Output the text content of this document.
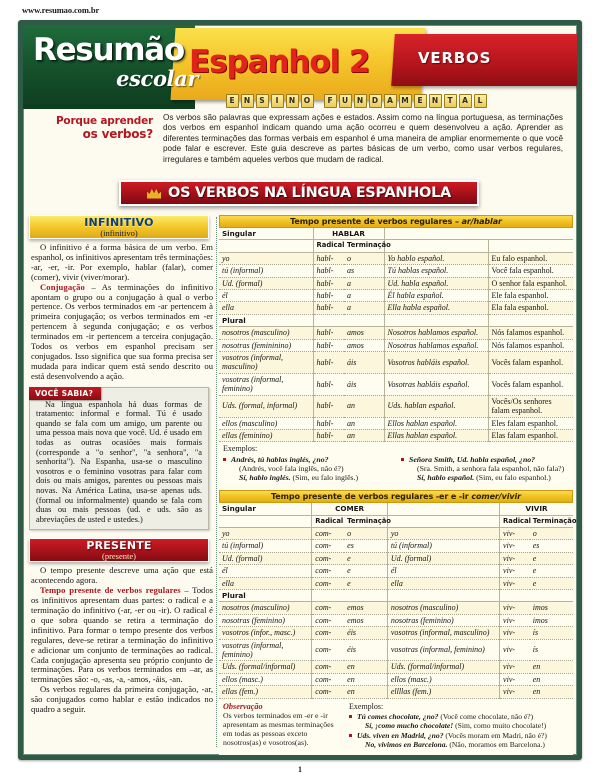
www.resumao.com.br
Resumão
escolar
Espanhol 2	VERBOS
E	N	S	I	N	O	F	U	N	D	A	M	E	N	T	A	L
Porque aprender
os verbos?
Os verbos são palavras que expressam ações e estados. Assim como na língua portuguesa, as terminações dos verbos em espanhol indicam quando uma ação ocorreu e quem desenvolveu a ação. Aprender as diferentes terminações das formas verbais em espanhol é uma maneira de ampliar enormemente o que você pode falar e escrever. Este guia descreve as partes básicas de um verbo, como usar verbos regulares, irregulares e também aqueles verbos que mudam de radical.
OS VERBOS NA LÍNGUA ESPANHOLA
INFINITIVO
(infinitivo)

O infinitivo é a forma básica de um verbo. Em espanhol, os infinitivos apresentam três terminações: -ar, -er, -ir. Por exemplo, hablar (falar), comer (comer), vivir (viver/morar).

Conjugação – As terminações do infinitivo apontam o grupo ou a conjugação à qual o verbo pertence. Os verbos terminados em -ar pertencem à primeira conjugação; os verbos terminados em -er pertencem à segunda conjugação; e os verbos terminados em -ir pertencem a terceira conjugação. Todos os verbos em espanhol precisam ser conjugados. Isso significa que sua forma precisa ser mudada para indicar quem está sendo descrito ou está desenvolvendo a ação.

VOCÊ SABIA?

Na língua espanhola há duas formas de tratamento: informal e formal. Tú é usado quando se fala com um amigo, um parente ou uma pessoa mais nova que você. Ud. é usado em todas as outras ocasiões mais formais (corresponde a "o senhor", "a senhora", "a senhorita"). Na Espanha, usa-se o masculino vosotros e o feminino vosotras para falar com dois ou mais amigos, parentes ou pessoas mais novas. Na América Latina, usa-se apenas uds. (formal ou informalmente) quando se fala com duas ou mais pessoas (ud. e uds. são as abreviações de usted e ustedes.)

PRESENTE
(presente)

O tempo presente descreve uma ação que está acontecendo agora.

Tempo presente de verbos regulares – Todos os infinitivos apresentam duas partes: o radical e a terminação do infinitivo (-ar, -er ou -ir). O radical é o que sobra quando se retira a terminação do infinitivo. Para formar o tempo presente dos verbos regulares, deve-se retirar a terminação do infinitivo e adicionar um conjunto de terminações ao radical. Cada conjugação apresenta seu próprio conjunto de terminações. Para os verbos terminados em –ar, as terminações são: -o, -as, -a, -amos, -áis, -an.

Os verbos regulares da primeira conjugação, -ar, são conjugados como hablar e estão indicados no quadro a seguir.

Tempo presente de verbos regulares – ar/hablar
Singular	HABLAR			
	Radical	Terminação		
yo	habl-	o	Yo hablo español.	Eu falo espanhol.
tú (informal)	habl-	as	Tú hablas español.	Você fala espanhol.
Ud. (formal)	habl-	a	Ud. habla español.	O senhor fala espanhol.
él	habl-	a	Él habla español.	Ele fala espanhol.
ella	habl-	a	Ella habla español.	Ela fala espanhol.
Plural				
nosotros (masculino)	habl-	amos	Nosotros hablamos español.	Nós falamos espanhol.
nosotras (femininino)	habl-	amos	Nosotras hablamos español.	Nós falamos espanhol.
vosotros (informal, masculino)	habl-	áis	Vosotros habláis español.	Vocês falam espanhol.
vosotras (informal, feminino)	habl-	áis	Vosotras habláis español.	Vocês falam espanhol.
Uds. (formal, informal)	habl-	an	Uds. hablan español.	Vocês/Os senhores falam espanhol.
ellos (masculino)	habl-	an	Ellos hablan español.	Eles falam espanhol.
ellas (feminino)	habl-	an	Ellas hablan español.	Elas falam espanhol.
Exemplos:
Andrés, tú hablas inglés, ¿no?
(Andrés, você fala inglês, não é?)
Sí, hablo inglés. (Sim, eu falo inglês.)
Señora Smith, Ud. habla español, ¿no?
(Sra. Smith, a senhora fala espanhol, não fala?)
Sí, hablo español. (Sim, eu falo espanhol.)
Tempo presente de verbos regulares -er e -ir comer/vivir
Singular	COMER			VIVIR	
	Radical	Terminação		Radical	Terminação
yo	com-	o	yo	viv-	o
tú (informal)	com-	es	tú (informal)	viv-	es
Ud. (formal)	com-	e	Ud. (formal)	viv-	e
él	com-	e	él	viv-	e
ella	com-	e	ella	viv-	e
Plural					
nosotros (masculino)	com-	emos	nosotros (masculino)	viv-	imos
nosotras (feminino)	com-	emos	nosotras (feminino)	viv-	imos
vosotros (infor., masc.)	com-	éis	vosotros (informal, masculino)	viv-	ís
vosotras (informal, feminino)	com-	éis	vosotras (informal, feminino)	viv-	ís
Uds. (formal/informal)	com-	en	Uds. (formal/informal)	viv-	en
ellos (masc.)	com-	en	ellos (masc.)	viv-	en
ellas (fem.)	com-	en	ellllas (fem.)	viv-	en
Observação
Os verbos terminados em -er e -ir apresentam as mesmas terminações em todas as pessoas exceto nosotros(as) e vosotros(as).
Exemplos:
Tú comes chocolate, ¿no? (Você come chocolate, não é?)
Sí, ¡como mucho chocolate! (Sim, como muito chocolate!)
Uds. viven en Madrid, ¿no? (Vocês moram em Madri, não é?)
No, vivimos en Barcelona. (Não, moramos em Barcelona.)
1
